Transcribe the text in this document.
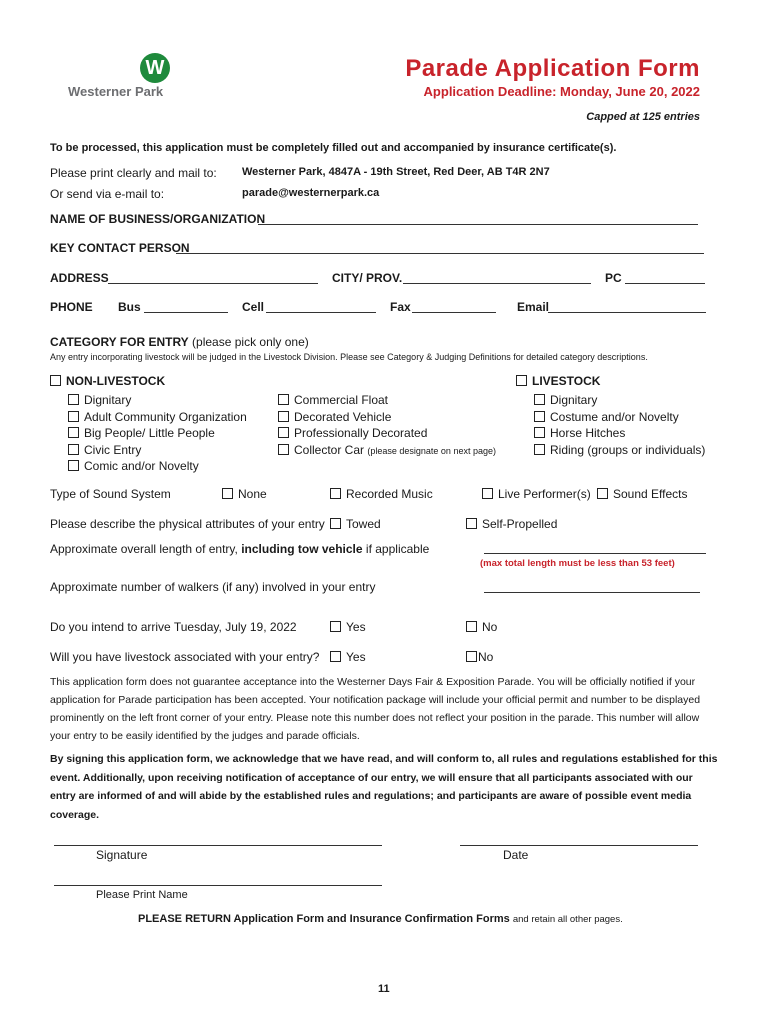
W
Westerner Park
Parade Application Form
Application Deadline: Monday, June 20, 2022
Capped at 125 entries
To be processed, this application must be completely filled out and accompanied by insurance certificate(s).
Please print clearly and mail to: Westerner Park, 4847A - 19th Street, Red Deer, AB T4R 2N7
Or send via e-mail to:	parade@westernerpark.ca
NAME OF BUSINESS/ORGANIZATION
KEY CONTACT PERSON
ADDRESS	CITY/ PROV.	PC
PHONE Bus	Cell	Fax	Email
CATEGORY FOR ENTRY (please pick only one)
Any entry incorporating livestock will be judged in the Livestock Division. Please see Category & Judging Definitions for detailed category descriptions.
NON-LIVESTOCK	LIVESTOCK
Dignitary
Adult Community Organization
Big People/ Little People
Civic Entry
Comic and/or Novelty
Commercial Float
Decorated Vehicle
Professionally Decorated
Collector Car (please designate on next page)
Dignitary
Costume and/or Novelty
Horse Hitches
Riding (groups or individuals)
Type of Sound System	None	Recorded Music	Live Performer(s)	Sound Effects
Please describe the physical attributes of your entry	Towed	Self-Propelled
Approximate overall length of entry, including tow vehicle if applicable
(max total length must be less than 53 feet)
Approximate number of walkers (if any) involved in your entry
Do you intend to arrive Tuesday, July 19, 2022	Yes	No
Will you have livestock associated with your entry?	Yes	No
This application form does not guarantee acceptance into the Westerner Days Fair & Exposition Parade. You will be officially notified if your application for Parade participation has been accepted. Your notification package will include your official permit and number to be displayed prominently on the left front corner of your entry. Please note this number does not reflect your position in the parade. This number will allow your entry to be easily identified by the judges and parade officials.
By signing this application form, we acknowledge that we have read, and will conform to, all rules and regulations established for this event. Additionally, upon receiving notification of acceptance of our entry, we will ensure that all participants associated with our entry are informed of and will abide by the established rules and regulations; and participants are aware of possible event media coverage.
Signature	Date
Please Print Name
PLEASE RETURN Application Form and Insurance Confirmation Forms and retain all other pages.
11
